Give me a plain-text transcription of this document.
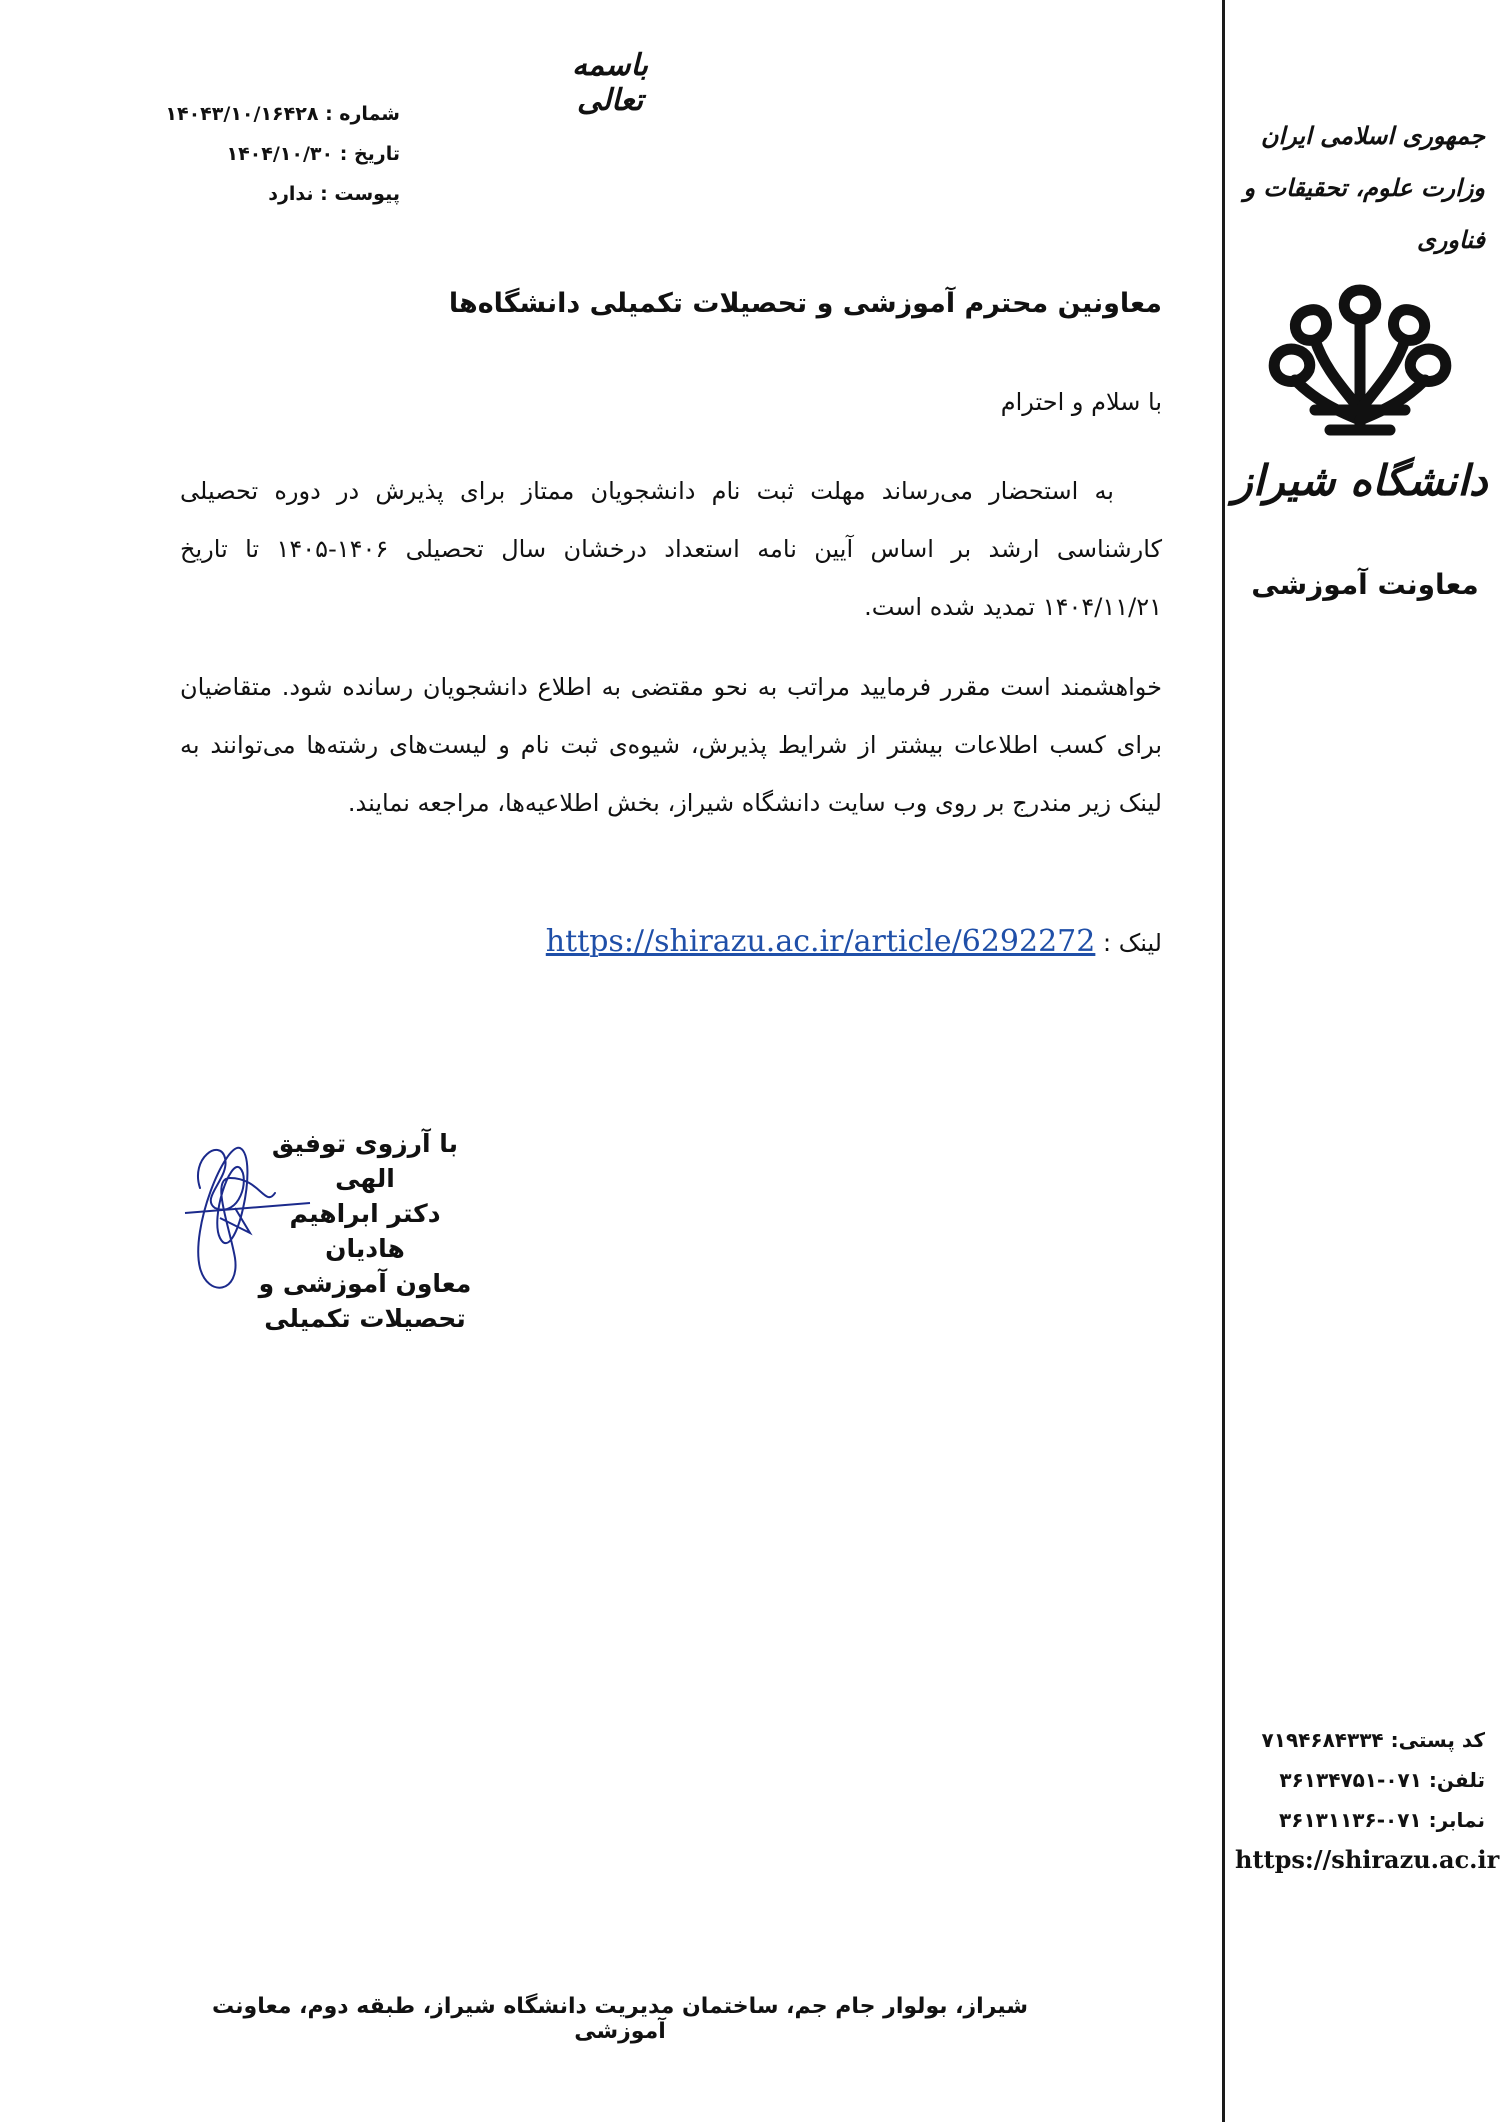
باسمه تعالی
شماره : ۱۴۰۴۳/۱۰/۱۶۴۲۸
تاریخ : ۱۴۰۴/۱۰/۳۰
پیوست : ندارد
جمهوری اسلامی ایران
وزارت علوم، تحقیقات و فناوری
دانشگاه شیراز
معاونت آموزشی
کد پستی: ۷۱۹۴۶۸۴۳۳۴
تلفن: ۰۷۱-۳۶۱۳۴۷۵۱
نمابر: ۰۷۱-۳۶۱۳۱۱۳۶
https://shirazu.ac.ir
معاونین محترم آموزشی و تحصیلات تکمیلی دانشگاه‌ها
با سلام و احترام
به استحضار می‌رساند مهلت ثبت نام دانشجویان ممتاز برای پذیرش در دوره تحصیلی کارشناسی ارشد بر اساس آیین نامه استعداد درخشان سال تحصیلی ۱۴۰۶-۱۴۰۵ تا تاریخ ۱۴۰۴/۱۱/۲۱ تمدید شده است.
خواهشمند است مقرر فرمایید مراتب به نحو مقتضی به اطلاع دانشجویان رسانده شود. متقاضیان برای کسب اطلاعات بیشتر از شرایط پذیرش، شیوه‌ی ثبت نام و لیست‌های رشته‌ها می‌توانند به لینک زیر مندرج بر روی وب سایت دانشگاه شیراز، بخش اطلاعیه‌ها، مراجعه نمایند.
لینک : https://shirazu.ac.ir/article/6292272
با آرزوی توفیق الهی
دکتر ابراهیم هادیان
معاون آموزشی و
تحصیلات تکمیلی
شیراز، بولوار جام جم، ساختمان مدیریت دانشگاه شیراز، طبقه دوم، معاونت آموزشی
